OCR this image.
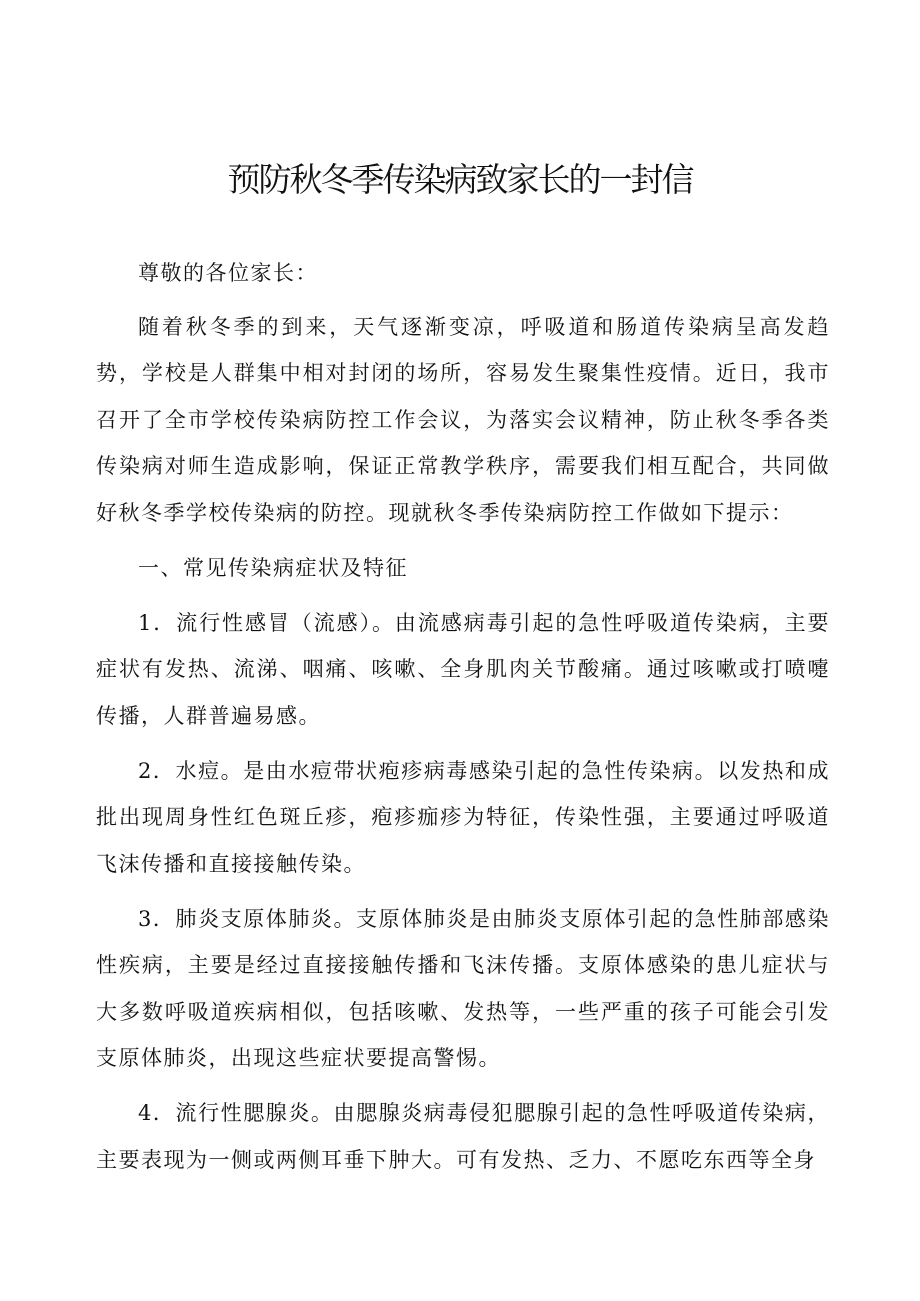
预防秋冬季传染病致家长的一封信

尊敬的各位家长：

随着秋冬季的到来，天气逐渐变凉，呼吸道和肠道传染病呈高发趋势，学校是人群集中相对封闭的场所，容易发生聚集性疫情。近日，我市召开了全市学校传染病防控工作会议，为落实会议精神，防止秋冬季各类传染病对师生造成影响，保证正常教学秩序，需要我们相互配合，共同做好秋冬季学校传染病的防控。现就秋冬季传染病防控工作做如下提示：

一、常见传染病症状及特征

1．流行性感冒（流感）。由流感病毒引起的急性呼吸道传染病，主要症状有发热、流涕、咽痛、咳嗽、全身肌肉关节酸痛。通过咳嗽或打喷嚏传播，人群普遍易感。

2．水痘。是由水痘带状疱疹病毒感染引起的急性传染病。以发热和成批出现周身性红色斑丘疹，疱疹痂疹为特征，传染性强，主要通过呼吸道飞沫传播和直接接触传染。

3．肺炎支原体肺炎。支原体肺炎是由肺炎支原体引起的急性肺部感染性疾病，主要是经过直接接触传播和飞沫传播。支原体感染的患儿症状与大多数呼吸道疾病相似，包括咳嗽、发热等，一些严重的孩子可能会引发支原体肺炎，出现这些症状要提高警惕。

4．流行性腮腺炎。由腮腺炎病毒侵犯腮腺引起的急性呼吸道传染病，主要表现为一侧或两侧耳垂下肿大。可有发热、乏力、不愿吃东西等全身
